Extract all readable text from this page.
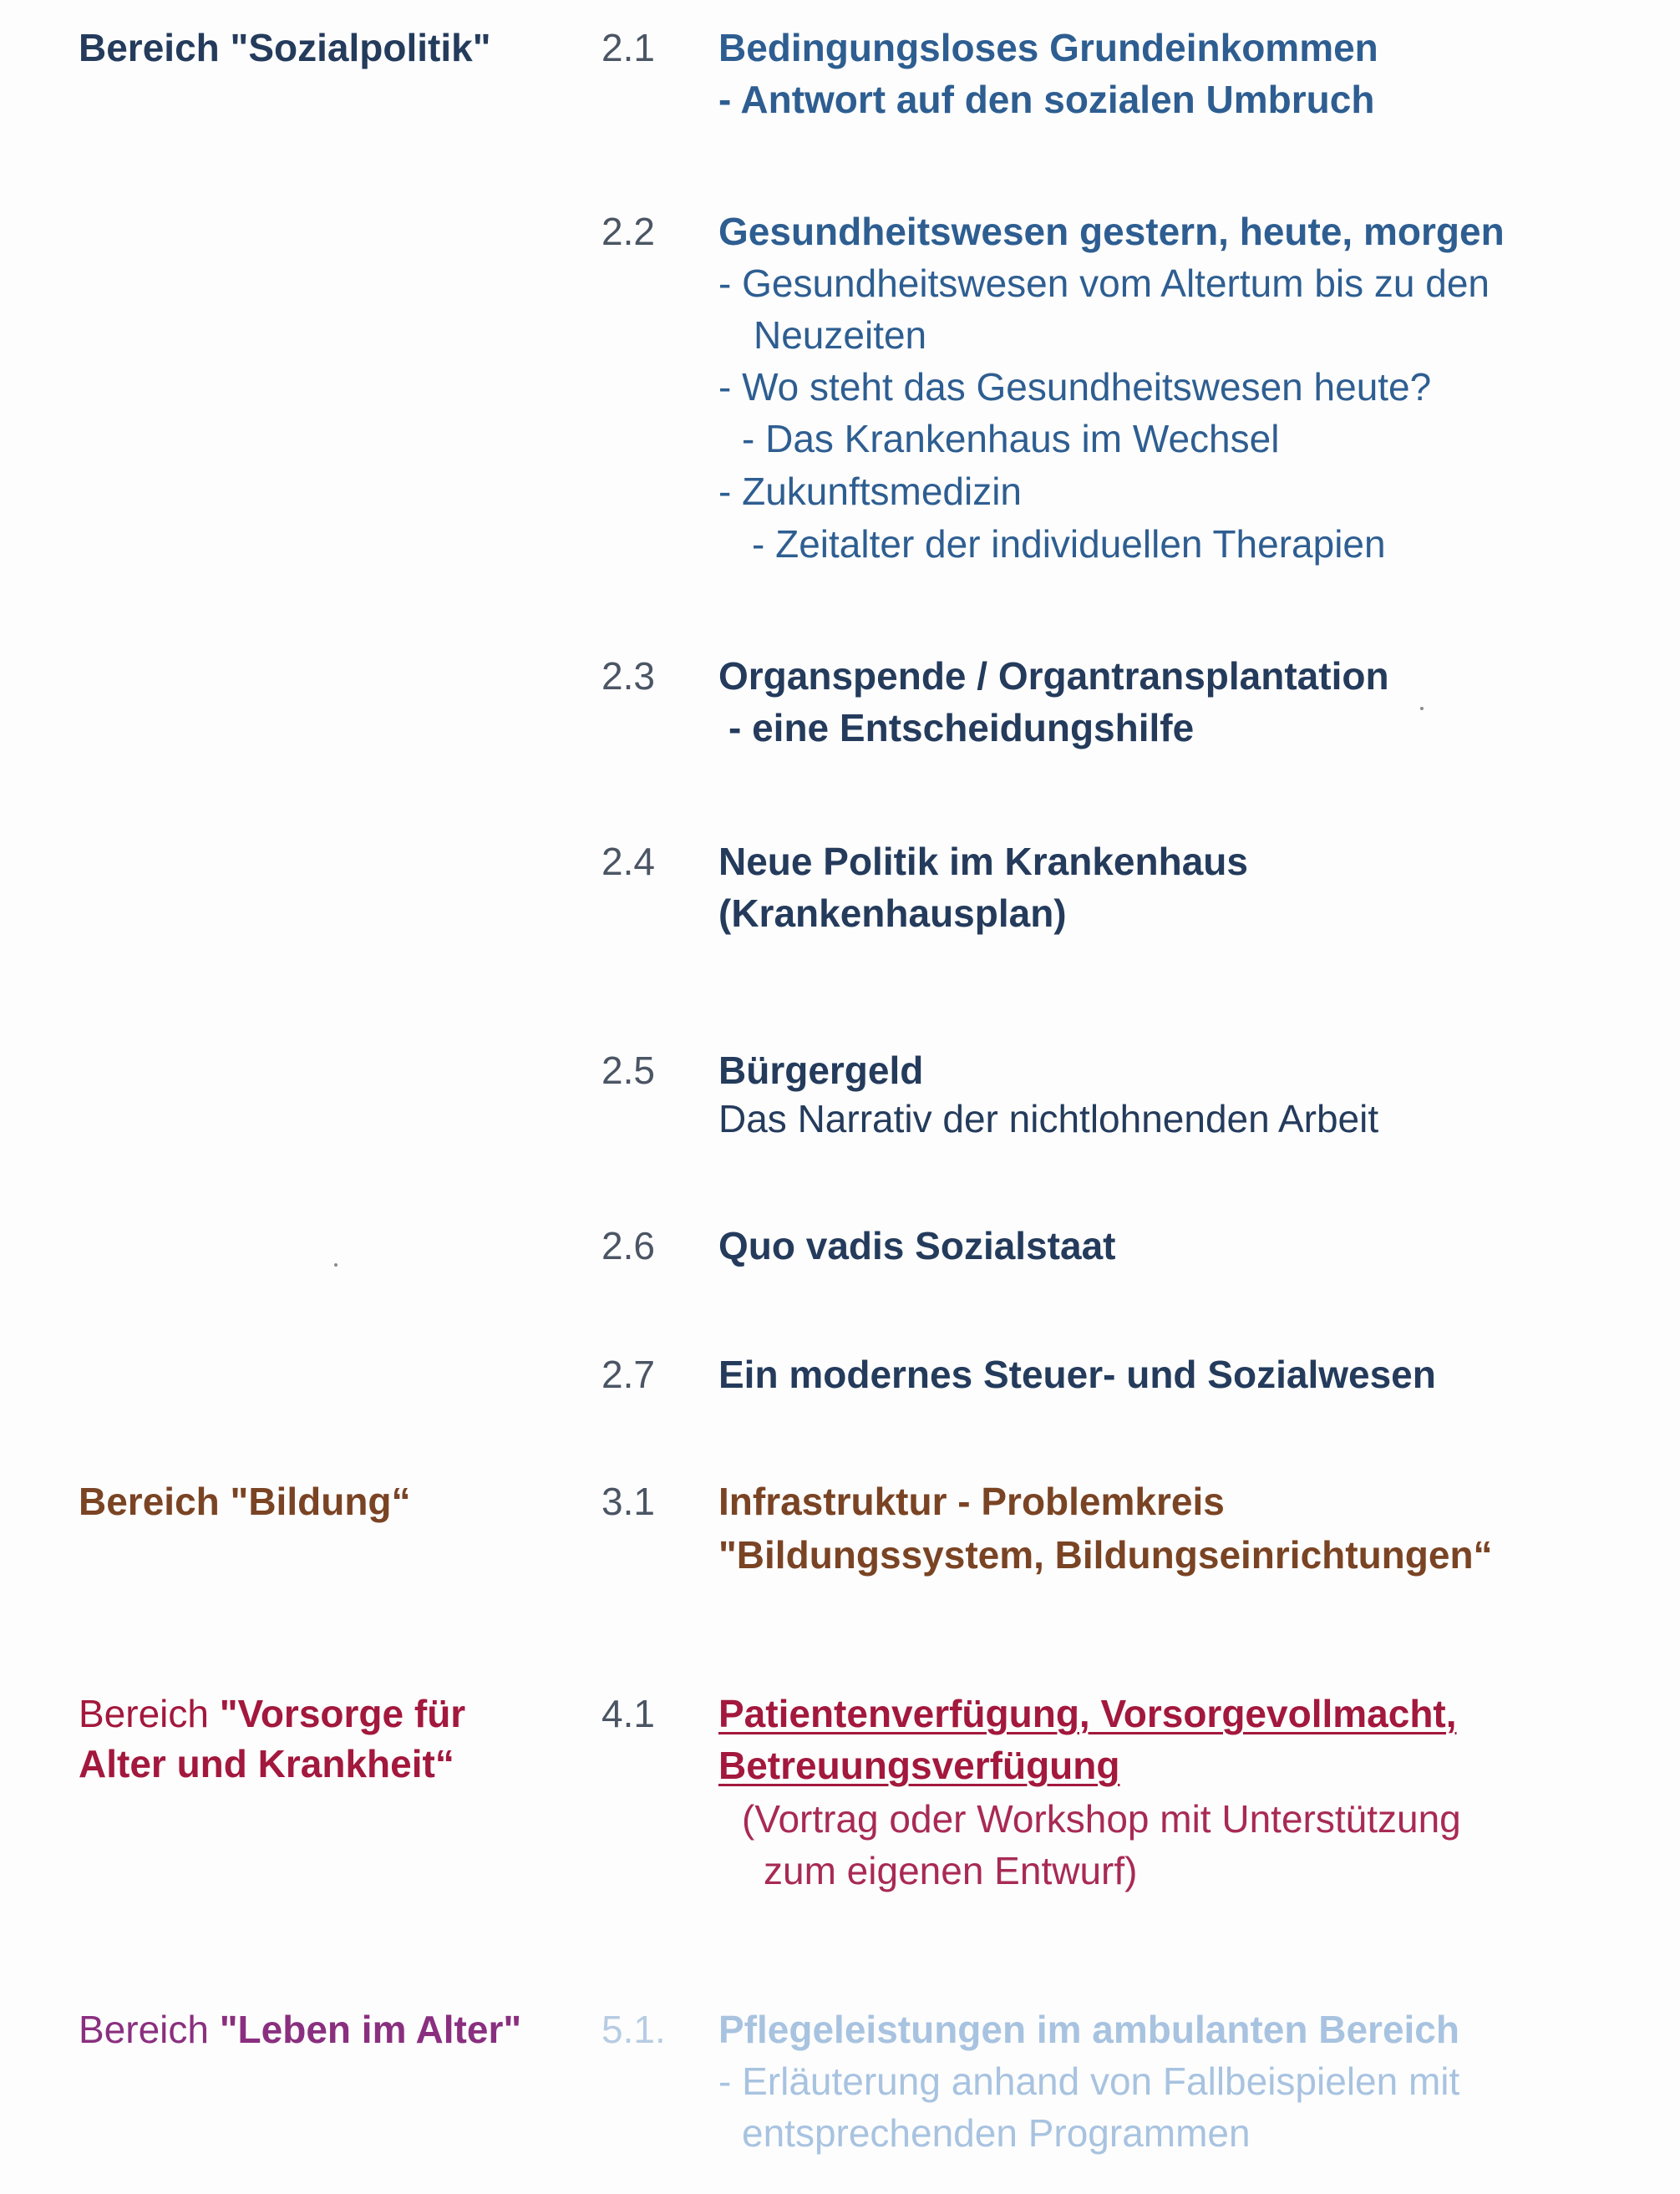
Bereich "Sozialpolitik"	2.1 Bedingungsloses Grundeinkommen
- Antwort auf den sozialen Umbruch
2.2 Gesundheitswesen gestern, heute, morgen
- Gesundheitswesen vom Altertum bis zu den
Neuzeiten
- Wo steht das Gesundheitswesen heute?
- Das Krankenhaus im Wechsel
- Zukunftsmedizin
- Zeitalter der individuellen Therapien
2.3 Organspende / Organtransplantation
- eine Entscheidungshilfe
2.4 Neue Politik im Krankenhaus
(Krankenhausplan)
2.5 Bürgergeld
Das Narrativ der nichtlohnenden Arbeit
2.6 Quo vadis Sozialstaat
2.7 Ein modernes Steuer- und Sozialwesen
Bereich "Bildung“	3.1 Infrastruktur - Problemkreis
"Bildungssystem, Bildungseinrichtungen“
Bereich "Vorsorge für
Alter und Krankheit“
4.1 Patientenverfügung, Vorsorgevollmacht,
Betreuungsverfügung
(Vortrag oder Workshop mit Unterstützung
zum eigenen Entwurf)
Bereich "Leben im Alter" 5.1. Pflegeleistungen im ambulanten Bereich
- Erläuterung anhand von Fallbeispielen mit
entsprechenden Programmen
